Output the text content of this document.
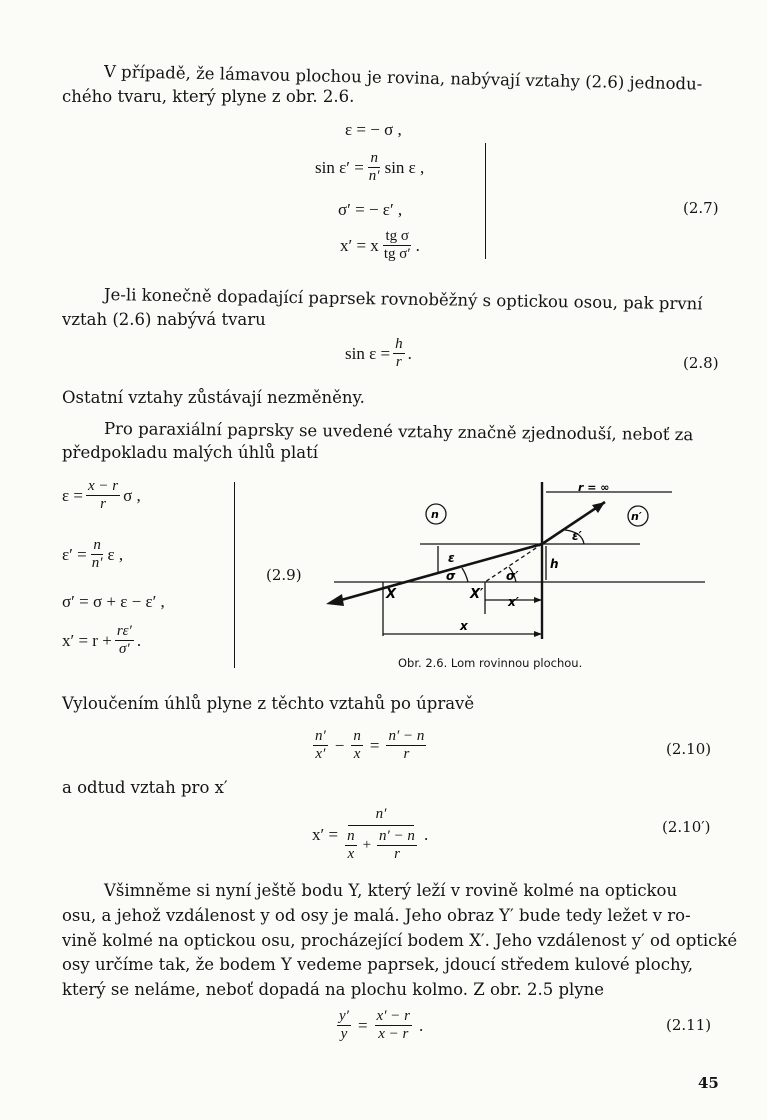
V případě, že lámavou plochou je rovina, nabývají vztahy (2.6) jednodu-
chého tvaru, který plyne z obr. 2.6.
ε = − σ ,
$\sin \varepsilon' = \frac{n}{n'}$ sin ε ,
σ′ = − ε′ ,
x′ = x $\frac{\text{tg σ}}{\text{tg σ′}}$ .
(2.7)
Je-li konečně dopadající paprsek rovnoběžný s optickou osou, pak první
vztah (2.6) nabývá tvaru
$\sin \varepsilon = \frac{h}{r}$ .
(2.8)
Ostatní vztahy zůstávají nezměněny.
Pro paraxiální paprsky se uvedené vztahy značně zjednoduší, neboť za
předpokladu malých úhlů platí
$\varepsilon = \frac{x - r}{r}$ σ ,
$\varepsilon' = \frac{n}{n'}$ ε ,
σ′ = σ + ε − ε′ ,
$x' = r + \frac{r\varepsilon'}{\sigma'}$ .
(2.9)
r = ∞
n	n′
ε′
ε
σ	σ′
h
X	X′ x′
x
Obr. 2.6. Lom rovinnou plochou.
Vyloučením úhlů plyne z těchto vztahů po úpravě
$\frac{n'}{x'} - \frac{n}{x} = \frac{n' - n}{r}$	(2.10)
a odtud vztah pro x′
$x' = \frac{n'}{\frac{n}{x} + \frac{n' - n}{r}}$ .	(2.10′)
Všimněme si nyní ještě bodu Y, který leží v rovině kolmé na optickou
osu, a jehož vzdálenost y od osy je malá. Jeho obraz Y′ bude tedy ležet v ro-
vině kolmé na optickou osu, procházející bodem X′. Jeho vzdálenost y′ od optické
osy určíme tak, že bodem Y vedeme paprsek, jdoucí středem kulové plochy,
který se neláme, neboť dopadá na plochu kolmo. Z obr. 2.5 plyne
$\frac{y'}{y} = \frac{x' - r}{x - r}$ .	(2.11)
45
